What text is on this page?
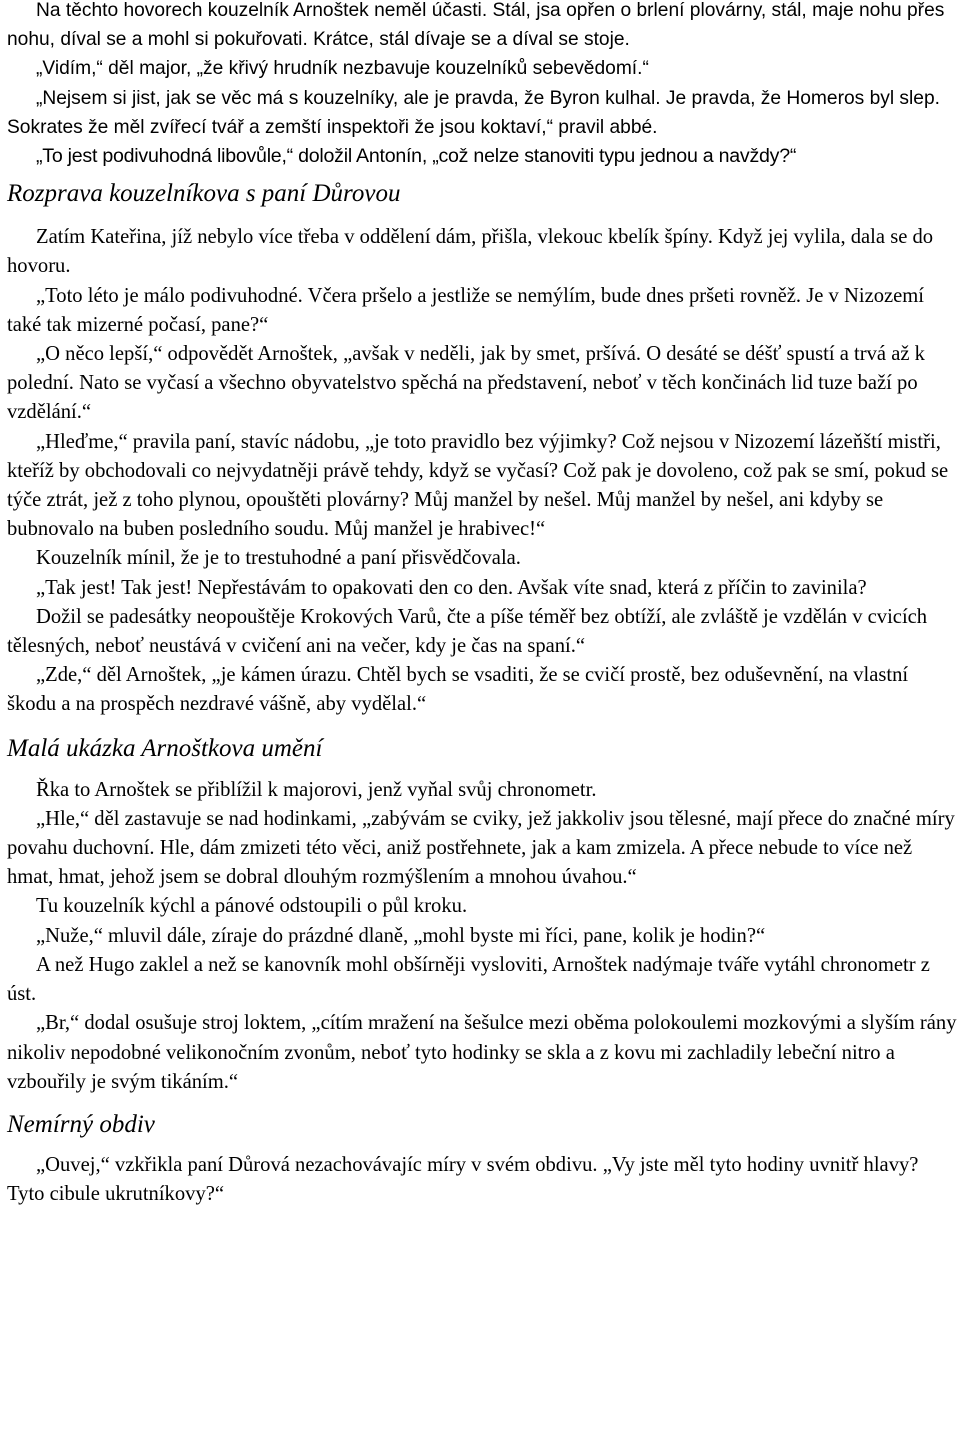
Na těchto hovorech kouzelník Arnoštek neměl účasti. Stál, jsa opřen o brlení plovárny, stál, maje nohu přes nohu, díval se a mohl si pokuřovati. Krátce, stál dívaje se a díval se stoje.

„Vidím,“ děl major, „že křivý hrudník nezbavuje kouzelníků sebevědomí.“

„Nejsem si jist, jak se věc má s kouzelníky, ale je pravda, že Byron kulhal. Je pravda, že Homeros byl slep. Sokrates že měl zvířecí tvář a zemští inspektoři že jsou koktaví,“ pravil abbé.

„To jest podivuhodná libovůle,“ doložil Antonín, „což nelze stanoviti typu jednou a navždy?“

Rozprava kouzelníkova s paní Důrovou

Zatím Kateřina, jíž nebylo více třeba v oddělení dám, přišla, vlekouc kbelík špíny. Když jej vylila, dala se do hovoru.

„Toto léto je málo podivuhodné. Včera pršelo a jestliže se nemýlím, bude dnes pršeti rovněž. Je v Nizozemí také tak mizerné počasí, pane?“

„O něco lepší,“ odpovědět Arnoštek, „avšak v neděli, jak by smet, pršívá. O desáté se déšť spustí a trvá až k polední. Nato se vyčasí a všechno obyvatelstvo spěchá na představení, neboť v těch končinách lid tuze baží po vzdělání.“

„Hleďme,“ pravila paní, stavíc nádobu, „je toto pravidlo bez výjimky? Což nejsou v Nizozemí lázeňští mistři, kteříž by obchodovali co nejvydatněji právě tehdy, když se vyčasí? Což pak je dovoleno, což pak se smí, pokud se týče ztrát, jež z toho plynou, opouštěti plovárny? Můj manžel by nešel. Můj manžel by nešel, ani kdyby se bubnovalo na buben posledního soudu. Můj manžel je hrabivec!“

Kouzelník mínil, že je to trestuhodné a paní přisvědčovala.

„Tak jest! Tak jest! Nepřestávám to opakovati den co den. Avšak víte snad, která z příčin to zavinila?

Dožil se padesátky neopouštěje Krokových Varů, čte a píše téměř bez obtíží, ale zvláště je vzdělán v cvicích tělesných, neboť neustává v cvičení ani na večer, kdy je čas na spaní.“

„Zde,“ děl Arnoštek, „je kámen úrazu. Chtěl bych se vsaditi, že se cvičí prostě, bez oduševnění, na vlastní škodu a na prospěch nezdravé vášně, aby vydělal.“

Malá ukázka Arnoštkova umění

Řka to Arnoštek se přiblížil k majorovi, jenž vyňal svůj chronometr.

„Hle,“ děl zastavuje se nad hodinkami, „zabývám se cviky, jež jakkoliv jsou tělesné, mají přece do značné míry povahu duchovní. Hle, dám zmizeti této věci, aniž postřehnete, jak a kam zmizela. A přece nebude to více než hmat, hmat, jehož jsem se dobral dlouhým rozmýšlením a mnohou úvahou.“

Tu kouzelník kýchl a pánové odstoupili o půl kroku.

„Nuže,“ mluvil dále, zíraje do prázdné dlaně, „mohl byste mi říci, pane, kolik je hodin?“

A než Hugo zaklel a než se kanovník mohl obšírněji vysloviti, Arnoštek nadýmaje tváře vytáhl chronometr z úst.

„Br,“ dodal osušuje stroj loktem, „cítím mražení na šešulce mezi oběma polokoulemi mozkovými a slyším rány nikoliv nepodobné velikonočním zvonům, neboť tyto hodinky se skla a z kovu mi zachladily lebeční nitro a vzbouřily je svým tikáním.“

Nemírný obdiv

„Ouvej,“ vzkřikla paní Důrová nezachovávajíc míry v svém obdivu. „Vy jste měl tyto hodiny uvnitř hlavy? Tyto cibule ukrutníkovy?“
